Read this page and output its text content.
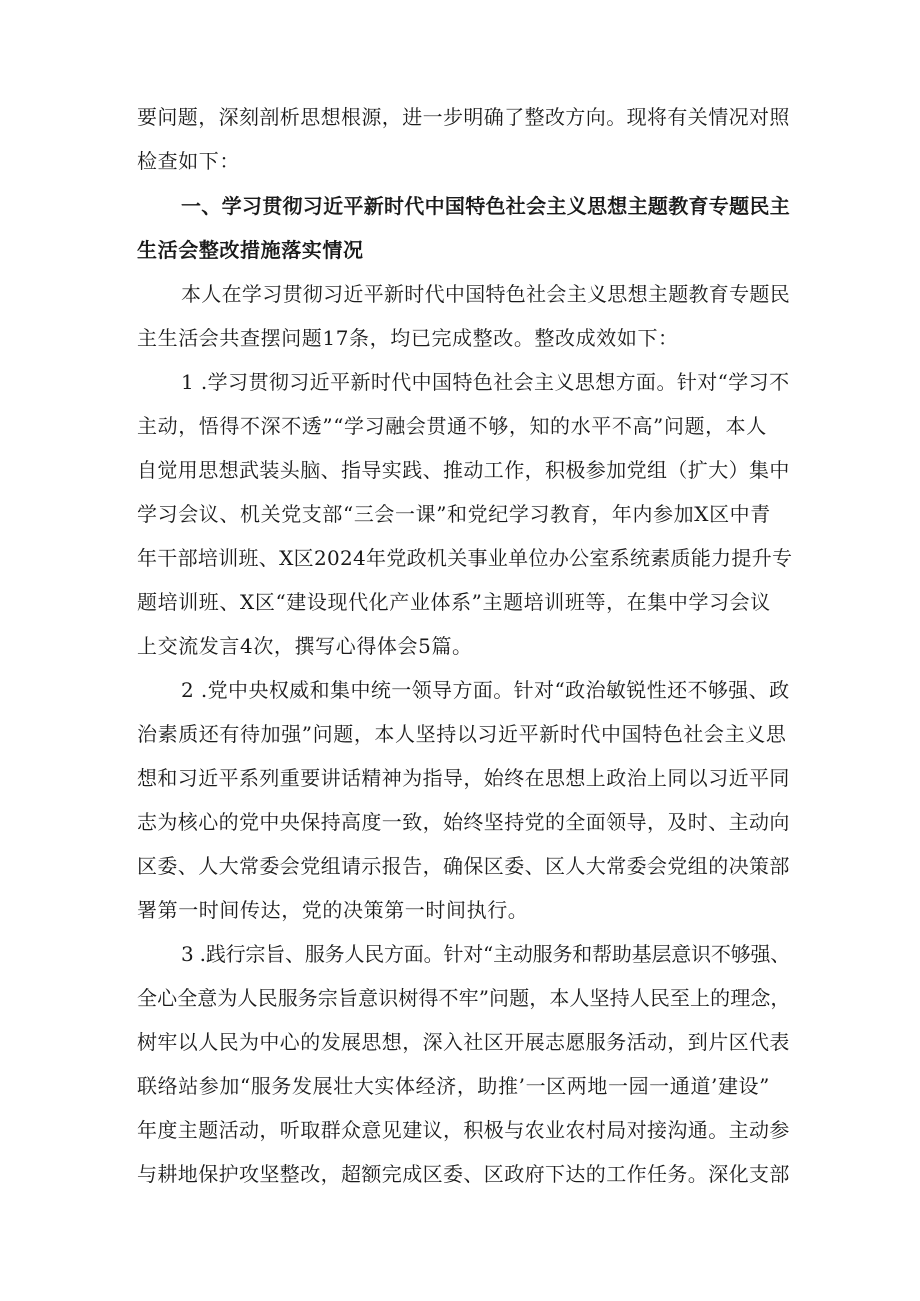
要问题，深刻剖析思想根源，进一步明确了整改方向。现将有关情况对照
检查如下：
一、学习贯彻习近平新时代中国特色社会主义思想主题教育专题民主
生活会整改措施落实情况
本人在学习贯彻习近平新时代中国特色社会主义思想主题教育专题民
主生活会共查摆问题17条，均已完成整改。整改成效如下：
1 .学习贯彻习近平新时代中国特色社会主义思想方面。针对“学习不
主动，悟得不深不透”“学习融会贯通不够，知的水平不高”问题，本人
自觉用思想武装头脑、指导实践、推动工作，积极参加党组（扩大）集中
学习会议、机关党支部“三会一课”和党纪学习教育，年内参加X区中青
年干部培训班、X区2024年党政机关事业单位办公室系统素质能力提升专
题培训班、X区“建设现代化产业体系”主题培训班等，在集中学习会议
上交流发言4次，撰写心得体会5篇。
2 .党中央权威和集中统一领导方面。针对“政治敏锐性还不够强、政
治素质还有待加强”问题，本人坚持以习近平新时代中国特色社会主义思
想和习近平系列重要讲话精神为指导，始终在思想上政治上同以习近平同
志为核心的党中央保持高度一致，始终坚持党的全面领导，及时、主动向
区委、人大常委会党组请示报告，确保区委、区人大常委会党组的决策部
署第一时间传达，党的决策第一时间执行。
3 .践行宗旨、服务人民方面。针对“主动服务和帮助基层意识不够强、
全心全意为人民服务宗旨意识树得不牢”问题，本人坚持人民至上的理念，
树牢以人民为中心的发展思想，深入社区开展志愿服务活动，到片区代表
联络站参加“服务发展壮大实体经济，助推’一区两地一园一通道’建设”
年度主题活动，听取群众意见建议，积极与农业农村局对接沟通。主动参
与耕地保护攻坚整改，超额完成区委、区政府下达的工作任务。深化支部
